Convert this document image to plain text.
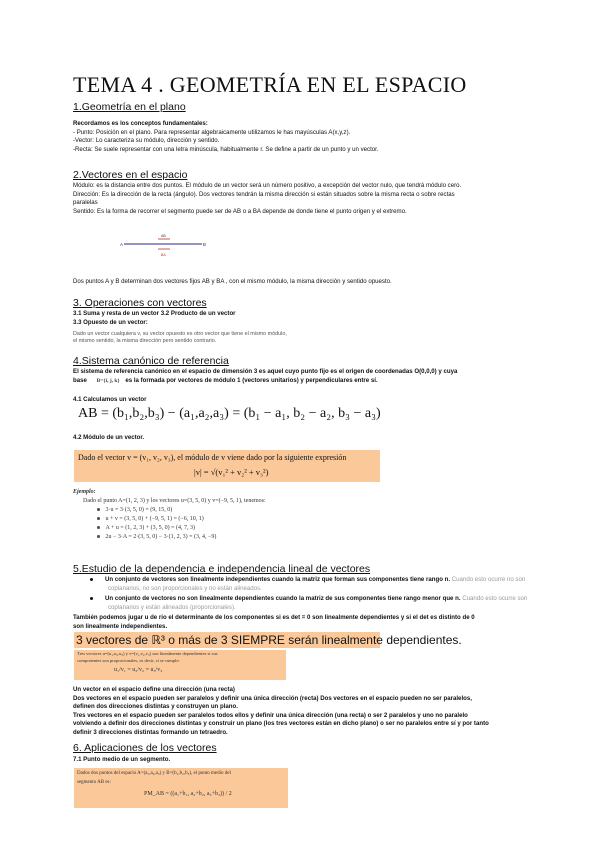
TEMA 4 . GEOMETRÍA EN EL ESPACIO
1.Geometría en el plano
Recordamos es los conceptos fundamentales:
- Punto: Posición en el plano. Para representar algebraicamente utilizamos le has mayúsculas A(x,y,z).
-Vector: Lo caracteriza su módulo, dirección y sentido.
-Recta: Se suele representar con una letra minúscula, habitualmente r. Se define a partir de un punto y un vector.
2.Vectores en el espacio
Módulo: es la distancia entre dos puntos. El módulo de un vector será un número positivo, a excepción del vector nulo, que tendrá módulo cero.
Dirección: Es la dirección de la recta (ángulo). Dos vectores tendrán la misma dirección si están situados sobre la misma recta o sobre rectas
paralelas
Sentido: Es la forma de recorrer el segmento puede ser de AB o a BA depende de donde tiene el punto origen y el extremo.
A	B
AB
BA
Dos puntos A y B determinan dos vectores fijos AB y BA , con el mismo módulo, la misma dirección y sentido opuesto.
3. Operaciones con vectores
3.1 Suma y resta de un vector 3.2 Producto de un vector
3.3 Opuesto de un vector:
Dado un vector cualquiera v, su vector opuesto es otro vector que tiene el mismo módulo,
el mismo sentido, la misma dirección pero sentido contrario.
4.Sistema canónico de referencia
El sistema de referencia canónico en el espacio de dimensión 3 es aquel cuyo punto fijo es el origen de coordenadas O(0,0,0) y cuya
base B={i, j, k} es la formada por vectores de módulo 1 (vectores unitarios) y perpendiculares entre sí.
4.1 Calculamos un vector
AB = (b₁,b₂,b₃) − (a₁,a₂,a₃) = (b₁ − a₁, b₂ − a₂, b₃ − a₃)
4.2 Módulo de un vector.
Dado el vector v = (v₁, v₂, v₃), el módulo de v viene dado por la siguiente expresión
|v| = √(v₁² + v₂² + v₃²)
Ejemplo:
Dado el punto A=(1, 2, 3) y los vectores u=(3, 5, 0) y v=(−9, 5, 1), tenemos:
3·u = 3·(3, 5, 0) = (9, 15, 0)
u + v = (3, 5, 0) + (−9, 5, 1) = (−6, 10, 1)
A + u = (1, 2, 3) + (3, 5, 0) = (4, 7, 3)
2u − 3·A = 2·(3, 5, 0) − 3·(1, 2, 3) = (3, 4, −9)
5.Estudio de la dependencia e independencia lineal de vectores
Un conjunto de vectores son linealmente independientes cuando la matriz que forman sus componentes tiene rango n. Cuando esto ocurre no son coplanarios, no son proporcionales y no están alineados.
Un conjunto de vectores no son linealmente dependientes cuando la matriz de sus componentes tiene rango menor que n. Cuando esto ocurre son coplanarios y están alineados (proporcionales).
También podemos jugar u de rio el determinante de los componentes si es det = 0 son linealmente dependientes y si el det es distinto de 0
son linealmente independientes.
3 vectores de ℝ³ o más de 3 SIEMPRE serán linealmente dependientes.
Tres vectores u=(u₁,u₂,u₃) y v=(v₁,v₂,v₃) son linealmente dependientes si sus
componentes son proporcionales, es decir, si se cumple:
u₁/v₁ = u₂/v₂ = u₃/v₃
Un vector en el espacio define una dirección (una recta)
Dos vectores en el espacio pueden ser paralelos y definir una única dirección (recta) Dos vectores en el espacio pueden no ser paralelos,
definen dos direcciones distintas y construyen un plano.
Tres vectores en el espacio pueden ser paralelos todos ellos y definir una única dirección (una recta) o ser 2 paralelos y uno no paralelo
volviendo a definir dos direcciones distintas y construir un plano (los tres vectores están en dicho plano) o ser no paralelos entre sí y por tanto
definir 3 direcciones distintas formando un tetraedro.
6. Aplicaciones de los vectores
7.1 Punto medio de un segmento.
Dados dos puntos del espacio A=(a₁,a₂,a₃) y B=(b₁,b₂,b₃), el punto medio del
segmento AB es:
PM_AB = ((a₁+b₁, a₂+b₂, a₃+b₃)) / 2
